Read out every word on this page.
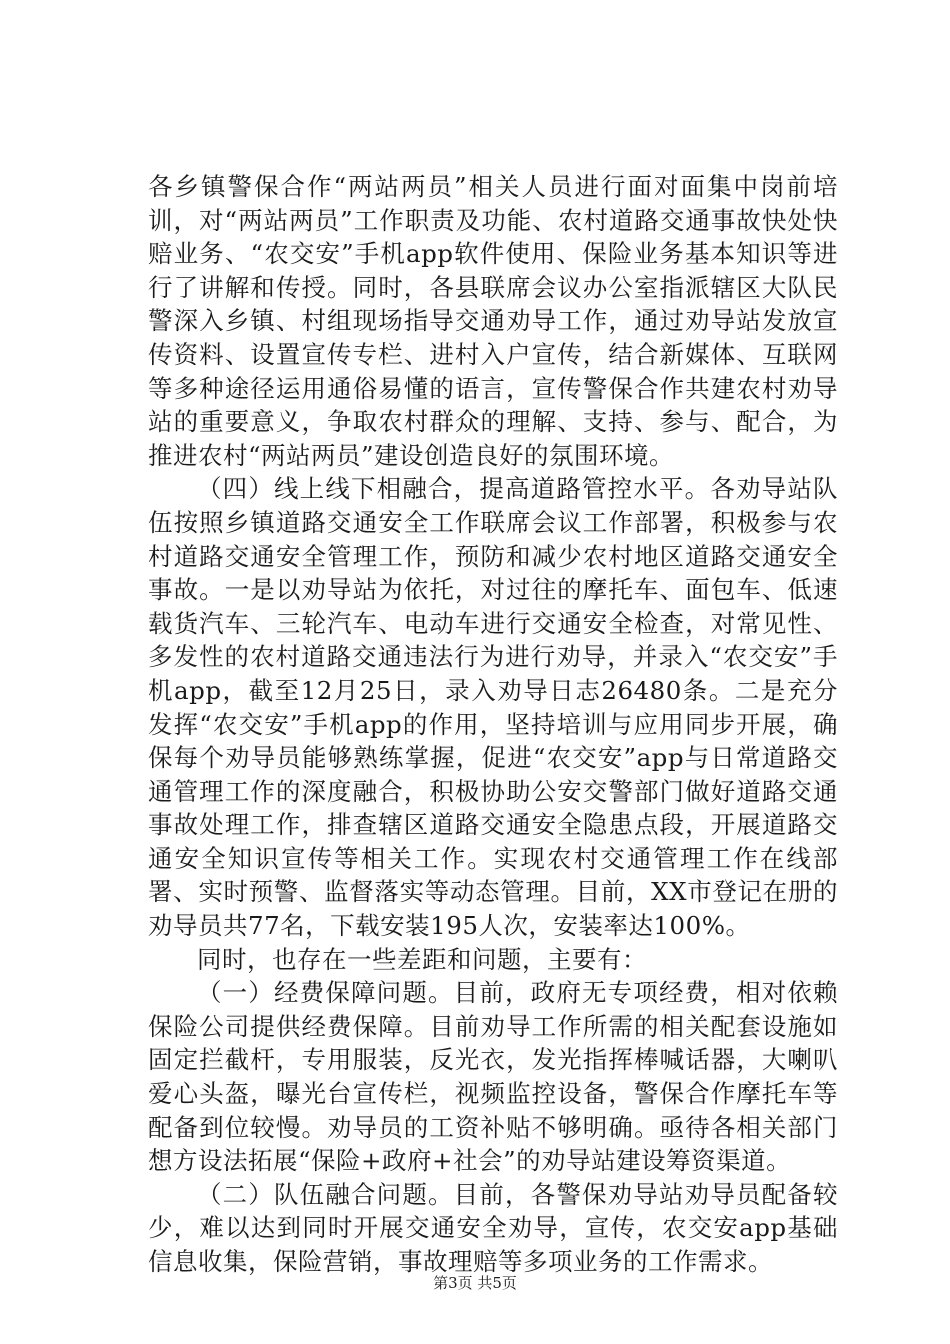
各乡镇警保合作“两站两员”相关人员进行面对面集中岗前培训，对“两站两员”工作职责及功能、农村道路交通事故快处快赔业务、“农交安”手机app软件使用、保险业务基本知识等进行了讲解和传授。同时，各县联席会议办公室指派辖区大队民警深入乡镇、村组现场指导交通劝导工作，通过劝导站发放宣传资料、设置宣传专栏、进村入户宣传，结合新媒体、互联网等多种途径运用通俗易懂的语言，宣传警保合作共建农村劝导站的重要意义，争取农村群众的理解、支持、参与、配合，为推进农村“两站两员”建设创造良好的氛围环境。

（四）线上线下相融合，提高道路管控水平。各劝导站队伍按照乡镇道路交通安全工作联席会议工作部署，积极参与农村道路交通安全管理工作，预防和减少农村地区道路交通安全事故。一是以劝导站为依托，对过往的摩托车、面包车、低速载货汽车、三轮汽车、电动车进行交通安全检查，对常见性、多发性的农村道路交通违法行为进行劝导，并录入“农交安”手机app，截至12月25日，录入劝导日志26480条。二是充分发挥“农交安”手机app的作用，坚持培训与应用同步开展，确保每个劝导员能够熟练掌握，促进“农交安”app与日常道路交通管理工作的深度融合，积极协助公安交警部门做好道路交通事故处理工作，排查辖区道路交通安全隐患点段，开展道路交通安全知识宣传等相关工作。实现农村交通管理工作在线部署、实时预警、监督落实等动态管理。目前，XX市登记在册的劝导员共77名，下载安装195人次，安装率达100%。

同时，也存在一些差距和问题，主要有：

（一）经费保障问题。目前，政府无专项经费，相对依赖保险公司提供经费保障。目前劝导工作所需的相关配套设施如固定拦截杆，专用服装，反光衣，发光指挥棒喊话器，大喇叭爱心头盔，曝光台宣传栏，视频监控设备，警保合作摩托车等配备到位较慢。劝导员的工资补贴不够明确。亟待各相关部门想方设法拓展“保险+政府+社会”的劝导站建设筹资渠道。

（二）队伍融合问题。目前，各警保劝导站劝导员配备较少，难以达到同时开展交通安全劝导，宣传，农交安app基础信息收集，保险营销，事故理赔等多项业务的工作需求。

第3页 共5页
